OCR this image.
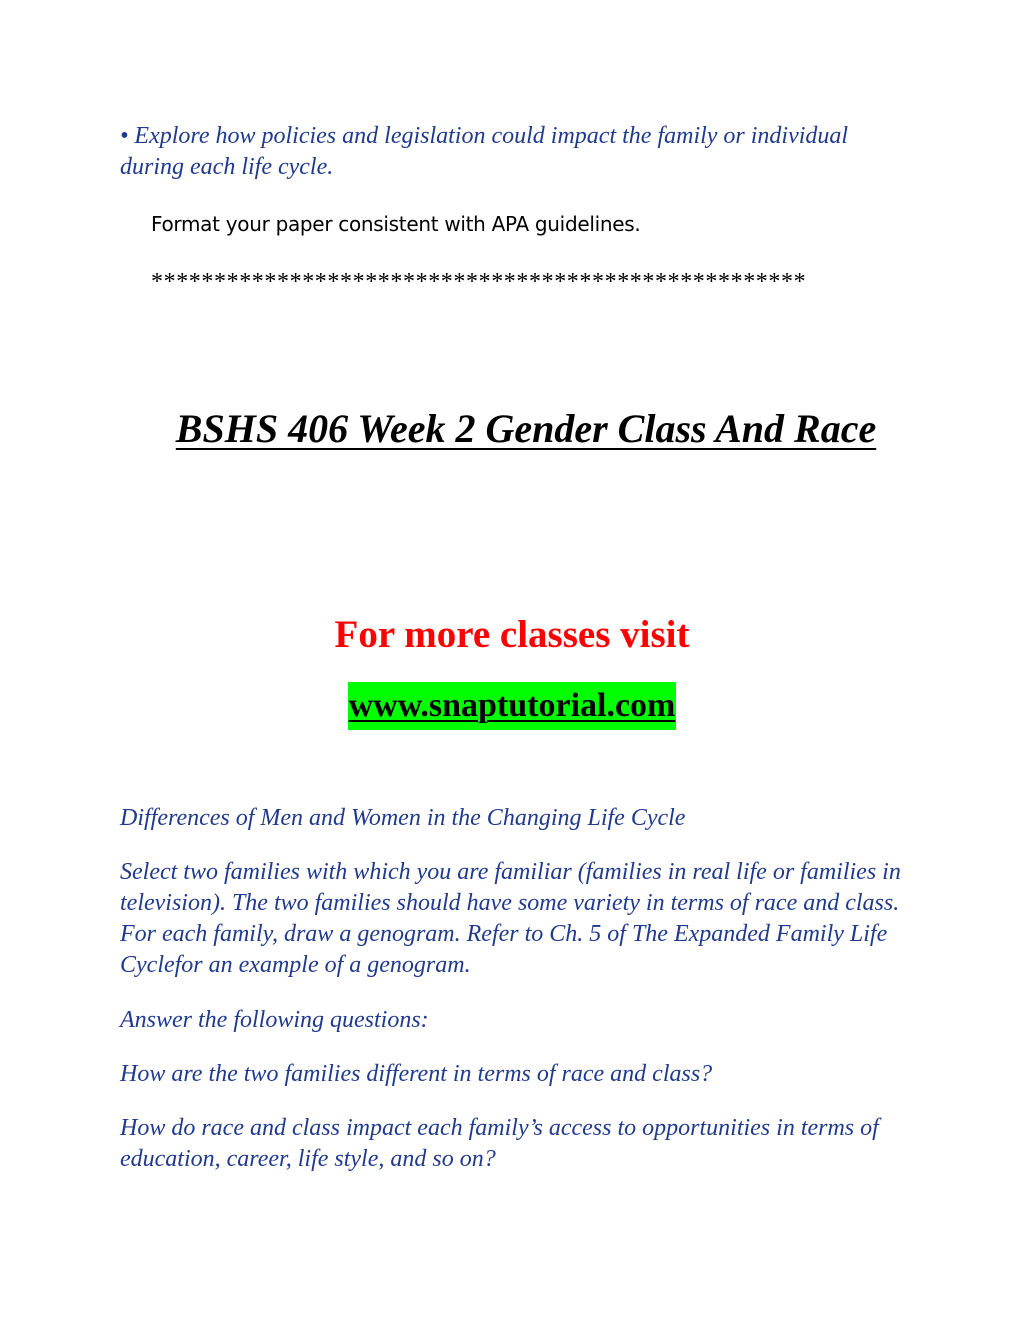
• Explore how policies and legislation could impact the family or individual during each life cycle.

Format your paper consistent with APA guidelines.

****************************************************

BSHS 406 Week 2 Gender Class And Race

For more classes visit

www.snaptutorial.com

Differences of Men and Women in the Changing Life Cycle

Select two families with which you are familiar (families in real life or families in television). The two families should have some variety in terms of race and class. For each family, draw a genogram. Refer to Ch. 5 of The Expanded Family Life Cyclefor an example of a genogram.

Answer the following questions:

How are the two families different in terms of race and class?

How do race and class impact each family’s access to opportunities in terms of education, career, life style, and so on?
